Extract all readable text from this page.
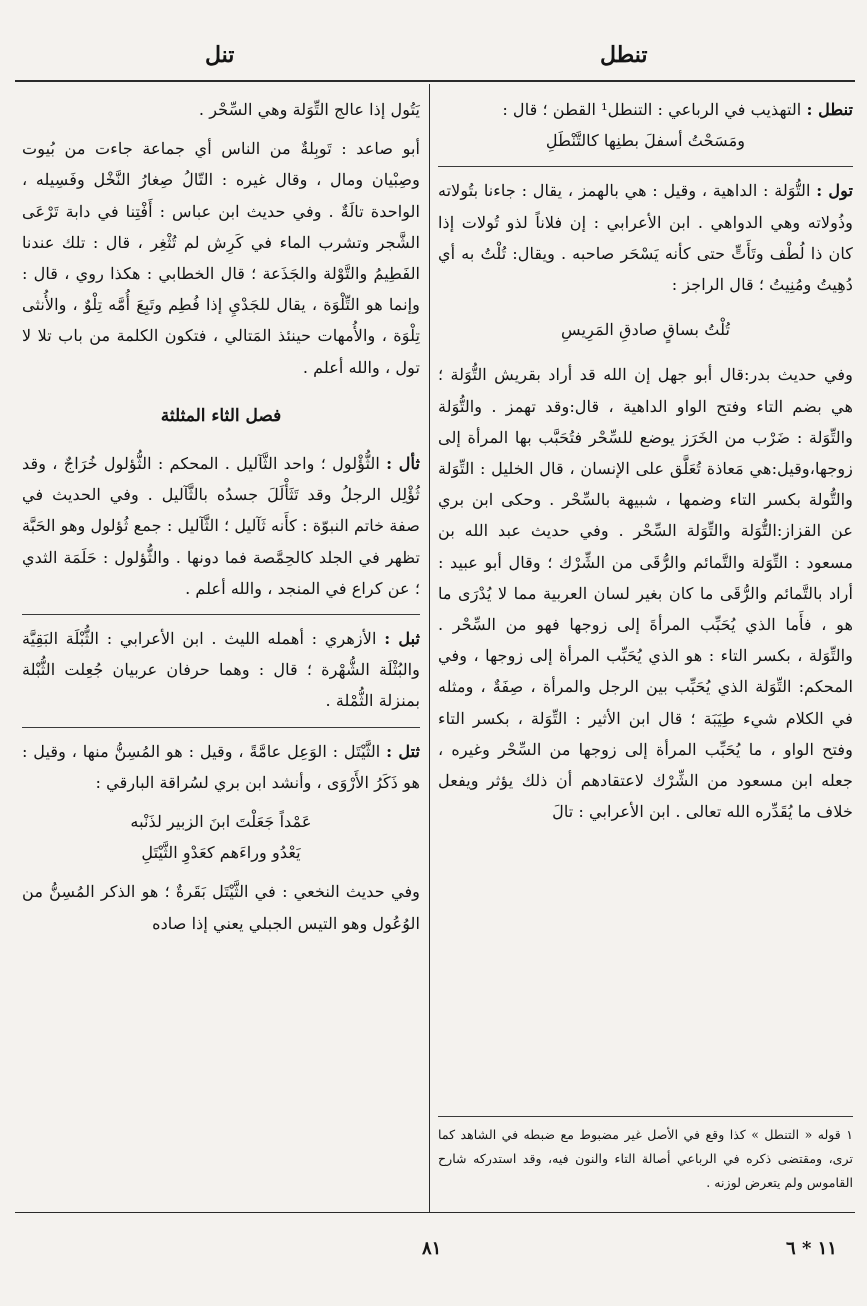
تنطل
تنل

تنطل : التهذيب في الرباعي : التنطل¹ القطن ؛ قال :

ومَسَحْتُ أسفلَ بطنِها كالتَّنْطَلِ

تول : التُّوَلة : الداهية ، وقيل : هي بالهمز ، يقال : جاءنا بتُولاته وذُولاته وهي الدواهي . ابن الأعرابي : إن فلاناً لذو تُولات إذا كان ذا لُطْف وتَأَتٍّ حتى كأنه يَسْحَر صاحبه . ويقال: تُلْتُ به أي دُهِيتُ ومُنِيتُ ؛ قال الراجز :

تُلْتُ بساقٍ صادقِ المَرِيسِ

وفي حديث بدر:قال أبو جهل إن الله قد أراد بقريش التُّوَلة ؛ هي بضم التاء وفتح الواو الداهية ، قال:وقد تهمز . والتُّوَلة والتِّوَلة : ضَرْب من الخَرَز يوضع للسِّحْر فتُحَبَّب بها المرأة إلى زوجها،وقيل:هي مَعاذة تُعَلَّق على الإنسان ، قال الخليل : التِّوَلة والتُّولة بكسر التاء وضمها ، شبيهة بالسِّحْر . وحكى ابن بري عن القزاز:التُّوَلة والتِّوَلة السِّحْر . وفي حديث عبد الله بن مسعود : التِّوَلة والتَّمائم والرُّقَى من الشِّرْك ؛ وقال أبو عبيد : أراد بالتَّمائم والرُّقَى ما كان بغير لسان العربية مما لا يُدْرَى ما هو ، فأَما الذي يُحَبِّب المرأةَ إلى زوجها فهو من السِّحْر . والتِّوَلة ، بكسر التاء : هو الذي يُحَبِّب المرأة إلى زوجها ، وفي المحكم: التِّوَلة الذي يُحَبِّب بين الرجل والمرأة ، صِفَةٌ ، ومثله في الكلام شيء طِيَبَة ؛ قال ابن الأثير : التِّوَلة ، بكسر التاء وفتح الواو ، ما يُحَبِّب المرأة إلى زوجها من السِّحْر وغيره ، جعله ابن مسعود من الشِّرْك لاعتقادهم أن ذلك يؤثر ويفعل خلاف ما يُقَدِّره الله تعالى . ابن الأعرابي : تالَ

١ قوله « التنطل » كذا وقع في الأصل غير مضبوط مع ضبطه في الشاهد كما ترى، ومقتضى ذكره في الرباعي أصالة التاء والنون فيه، وقد استدركه شارح القاموس ولم يتعرض لوزنه .

يَتُول إذا عالج التِّوَلة وهي السِّحْر .

أبو صاعد : تَوبِلةٌ من الناس أي جماعة جاءت من بُيوت وصِبْيان ومال ، وقال غيره : التّالُ صِغارُ النَّخْل وفَسِيله ، الواحدة تالَةٌ . وفي حديث ابن عباس : أَفْتِنا في دابة تَرْعَى الشَّجر وتشرب الماء في كَرِش لم تُثْغِر ، قال : تلك عندنا الفَطِيمُ والتَّوْلة والجَذَعة ؛ قال الخطابي : هكذا روي ، قال : وإنما هو التِّلْوَة ، يقال للجَدْيِ إذا فُطِم وتَبِعَ أُمَّه تِلْوٌ ، والأُنثى تِلْوَة ، والأُمهات حينئذ المَتالي ، فتكون الكلمة من باب تلا لا تول ، والله أعلم .

فصل الثاء المثلثة

ثأل : الثُّؤْلول ؛ واحد الثَّآليل . المحكم : الثُّؤلول خُرَاجٌ ، وقد ثُؤْلِل الرجلُ وقد تَثَأْلَلَ جسدُه بالثَّآليل . وفي الحديث في صفة خاتم النبوّة : كأَنه ثَآليل ؛ الثَّآليل : جمع ثُؤلول وهو الحَبَّة تظهر في الجلد كالحِمَّصة فما دونها . والثُّؤلول : حَلَمَة الثدي ؛ عن كراع في المنجد ، والله أعلم .

ثبل : الأزهري : أهمله الليث . ابن الأعرابي : الثُّبْلَة البَقِيَّة والبُثْلَة الشُّهْرة ؛ قال : وهما حرفان عربيان جُعِلت الثُّبْلة بمنزلة الثُّمْلة .

ثتل : الثَّيْتَل : الوَعِل عامَّةً ، وقيل : هو المُسِنُّ منها ، وقيل : هو ذَكَرُ الأَرْوَى ، وأنشد ابن بري لسُراقة البارقي :

عَمْداً جَعَلْتَ ابنَ الزبير لذَنْبه

يَعْدُو وراءَهم كعَدْوِ الثَّيْتَلِ

وفي حديث النخعي : في الثَّيْتَل بَقَرةٌ ؛ هو الذكر المُسِنُّ من الوُعُول وهو التيس الجبلي يعني إذا صاده

٨١	١١ * ٦
